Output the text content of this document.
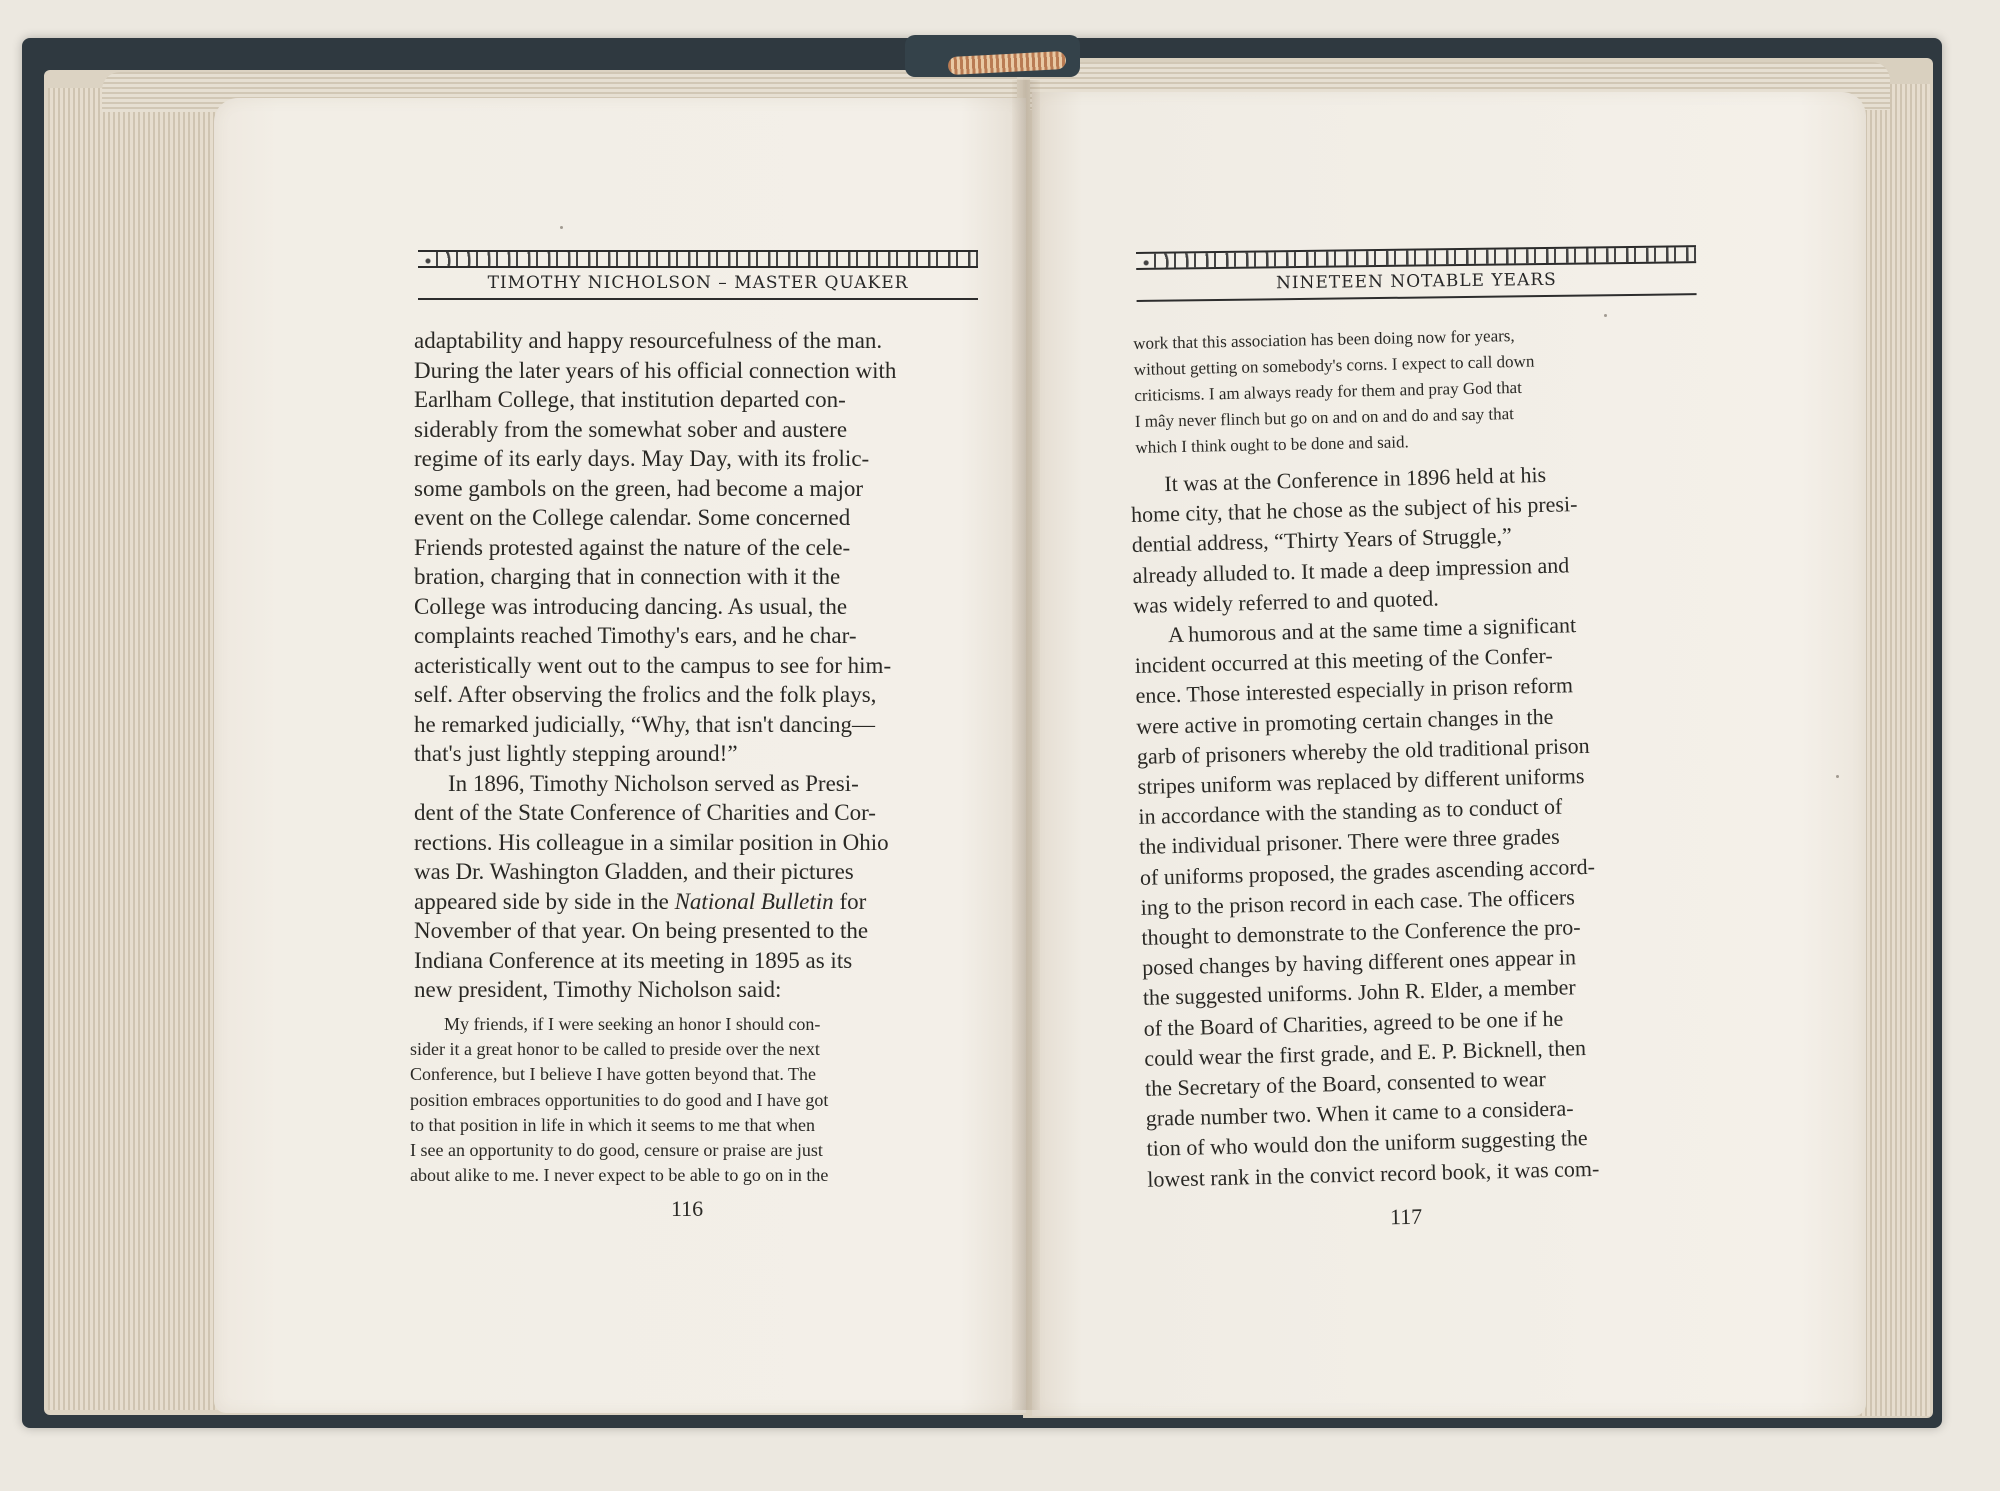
TIMOTHY NICHOLSON – MASTER QUAKER
adaptability and happy resourcefulness of the man.
During the later years of his official connection with
Earlham College, that institution departed con-
siderably from the somewhat sober and austere
regime of its early days. May Day, with its frolic-
some gambols on the green, had become a major
event on the College calendar. Some concerned
Friends protested against the nature of the cele-
bration, charging that in connection with it the
College was introducing dancing. As usual, the
complaints reached Timothy's ears, and he char-
acteristically went out to the campus to see for him-
self. After observing the frolics and the folk plays,
he remarked judicially, “Why, that isn't dancing—
that's just lightly stepping around!”
In 1896, Timothy Nicholson served as Presi-
dent of the State Conference of Charities and Cor-
rections. His colleague in a similar position in Ohio
was Dr. Washington Gladden, and their pictures
appeared side by side in the National Bulletin for
November of that year. On being presented to the
Indiana Conference at its meeting in 1895 as its
new president, Timothy Nicholson said:
My friends, if I were seeking an honor I should con-
sider it a great honor to be called to preside over the next
Conference, but I believe I have gotten beyond that. The
position embraces opportunities to do good and I have got
to that position in life in which it seems to me that when
I see an opportunity to do good, censure or praise are just
about alike to me. I never expect to be able to go on in the
116
NINETEEN NOTABLE YEARS
work that this association has been doing now for years,
without getting on somebody's corns. I expect to call down
criticisms. I am always ready for them and pray God that
I mây never flinch but go on and on and do and say that
which I think ought to be done and said.
It was at the Conference in 1896 held at his
home city, that he chose as the subject of his presi-
dential address, “Thirty Years of Struggle,”
already alluded to. It made a deep impression and
was widely referred to and quoted.
A humorous and at the same time a significant
incident occurred at this meeting of the Confer-
ence. Those interested especially in prison reform
were active in promoting certain changes in the
garb of prisoners whereby the old traditional prison
stripes uniform was replaced by different uniforms
in accordance with the standing as to conduct of
the individual prisoner. There were three grades
of uniforms proposed, the grades ascending accord-
ing to the prison record in each case. The officers
thought to demonstrate to the Conference the pro-
posed changes by having different ones appear in
the suggested uniforms. John R. Elder, a member
of the Board of Charities, agreed to be one if he
could wear the first grade, and E. P. Bicknell, then
the Secretary of the Board, consented to wear
grade number two. When it came to a considera-
tion of who would don the uniform suggesting the
lowest rank in the convict record book, it was com-
117
